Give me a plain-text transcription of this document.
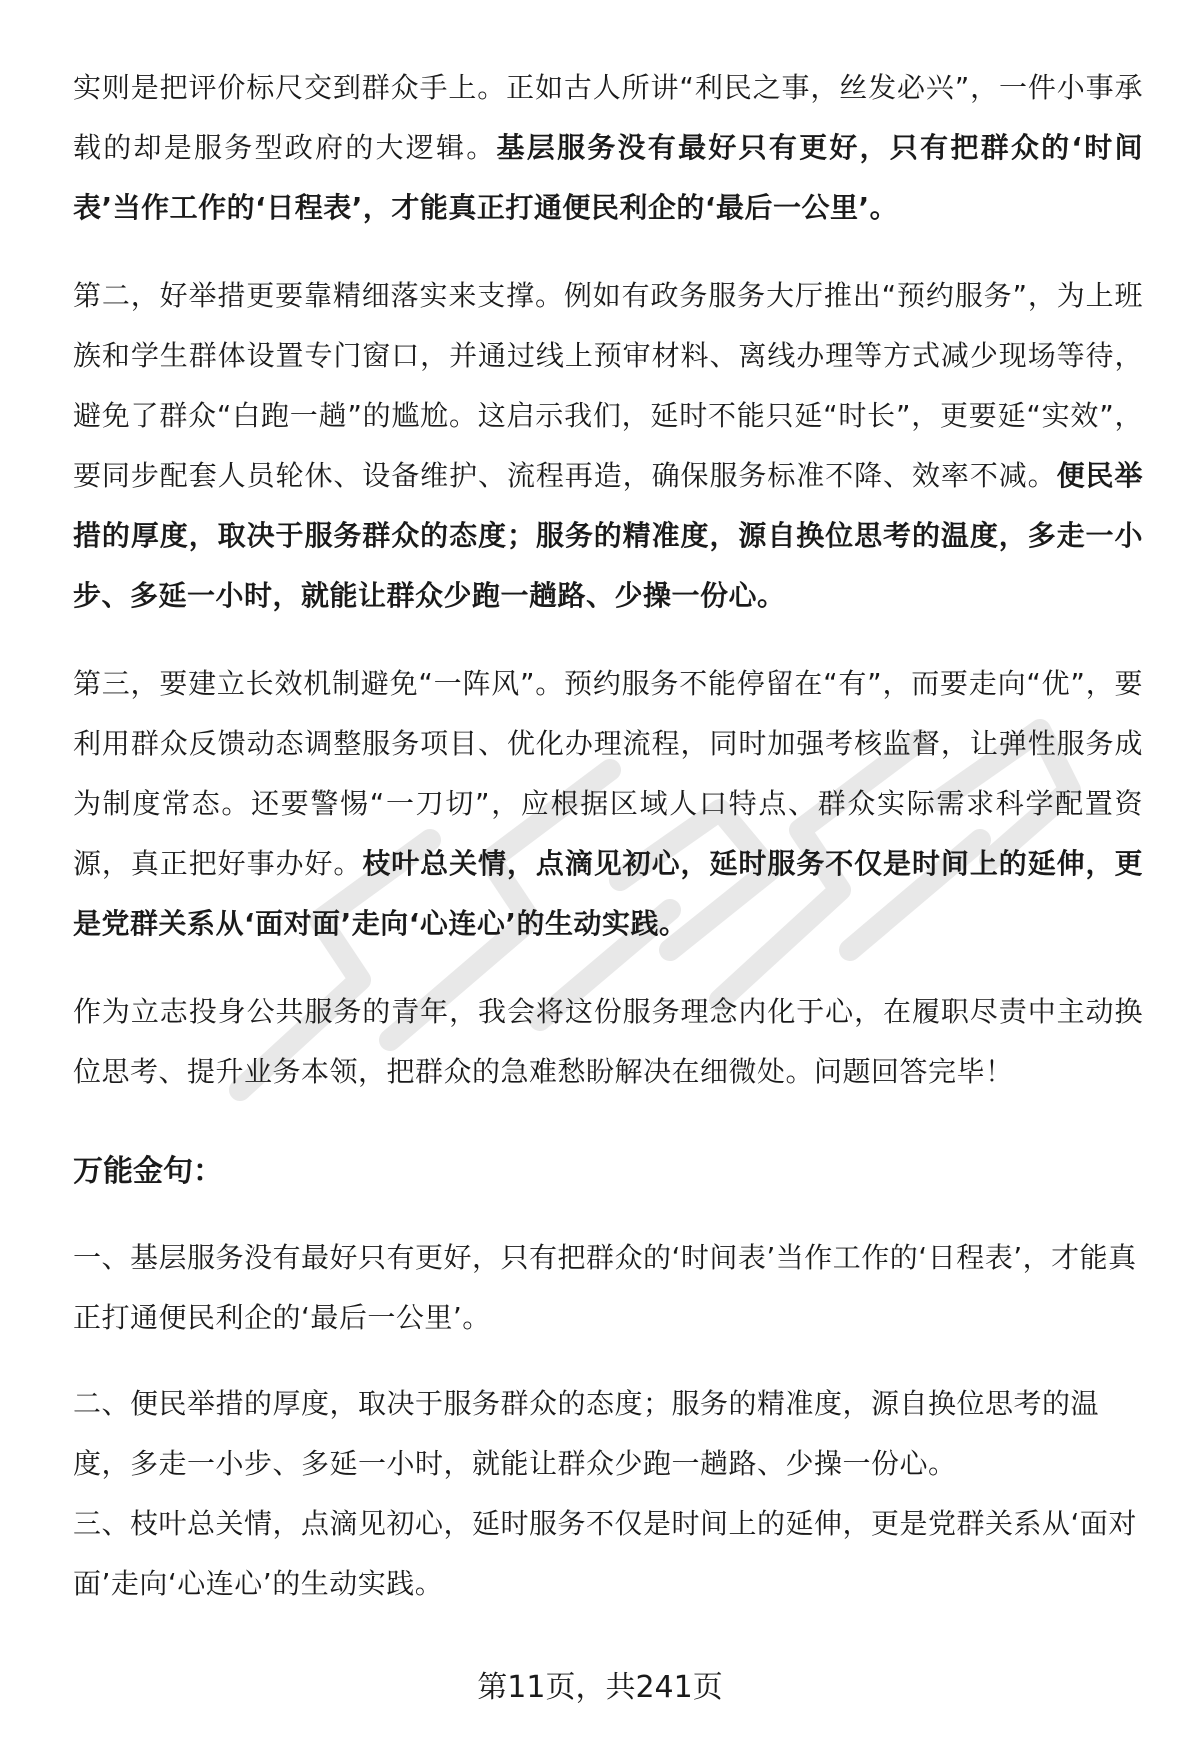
实则是把评价标尺交到群众手上。正如古人所讲“利民之事，丝发必兴”，一件小事承载的却是服务型政府的大逻辑。基层服务没有最好只有更好，只有把群众的‘时间表’当作工作的‘日程表’，才能真正打通便民利企的‘最后一公里’。

第二，好举措更要靠精细落实来支撑。例如有政务服务大厅推出“预约服务”，为上班族和学生群体设置专门窗口，并通过线上预审材料、离线办理等方式减少现场等待，避免了群众“白跑一趟”的尴尬。这启示我们，延时不能只延“时长”，更要延“实效”，要同步配套人员轮休、设备维护、流程再造，确保服务标准不降、效率不减。便民举措的厚度，取决于服务群众的态度；服务的精准度，源自换位思考的温度，多走一小步、多延一小时，就能让群众少跑一趟路、少操一份心。

第三，要建立长效机制避免“一阵风”。预约服务不能停留在“有”，而要走向“优”，要利用群众反馈动态调整服务项目、优化办理流程，同时加强考核监督，让弹性服务成为制度常态。还要警惕“一刀切”，应根据区域人口特点、群众实际需求科学配置资源，真正把好事办好。枝叶总关情，点滴见初心，延时服务不仅是时间上的延伸，更是党群关系从‘面对面’走向‘心连心’的生动实践。

作为立志投身公共服务的青年，我会将这份服务理念内化于心，在履职尽责中主动换位思考、提升业务本领，把群众的急难愁盼解决在细微处。问题回答完毕！

万能金句：

一、基层服务没有最好只有更好，只有把群众的‘时间表’当作工作的‘日程表’，才能真正打通便民利企的‘最后一公里’。

二、便民举措的厚度，取决于服务群众的态度；服务的精准度，源自换位思考的温度，多走一小步、多延一小时，就能让群众少跑一趟路、少操一份心。

三、枝叶总关情，点滴见初心，延时服务不仅是时间上的延伸，更是党群关系从‘面对面’走向‘心连心’的生动实践。

第11页，共241页
